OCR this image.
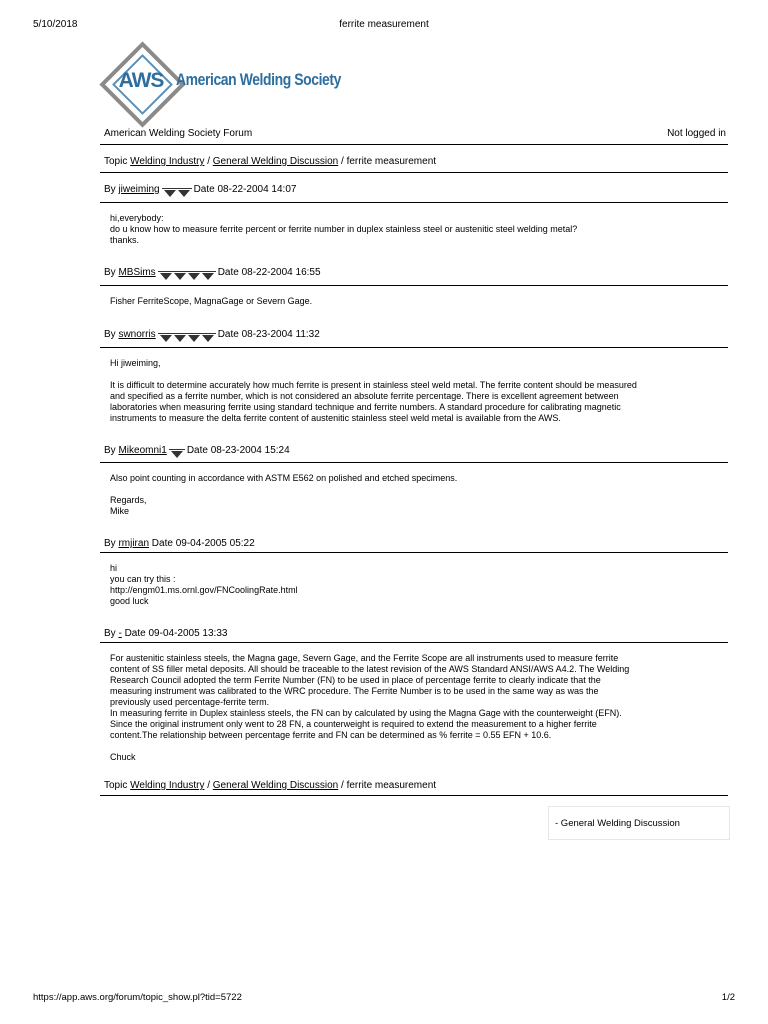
5/10/2018	ferrite measurement
AWS American Welding Society
American Welding Society Forum	Not logged in
Topic Welding Industry / General Welding Discussion / ferrite measurement
By
jiweiming	Date
08-22-2004 14:07

hi,everybody:

do u know how to measure ferrite percent or ferrite number in duplex stainless steel or austenitic steel welding metal?

thanks.

By
MBSims	Date
08-22-2004 16:55

Fisher FerriteScope, MagnaGage or Severn Gage.

By
swnorris	Date
08-23-2004 11:32

Hi jiweiming,

It is difficult to determine accurately how much ferrite is present in stainless steel weld metal. The ferrite content should be measured

and specified as a ferrite number, which is not considered an absolute ferrite percentage. There is excellent agreement between

laboratories when measuring ferrite using standard technique and ferrite numbers. A standard procedure for calibrating magnetic

instruments to measure the delta ferrite content of austenitic stainless steel weld metal is available from the AWS.

By
Mikeomni1 Date
08-23-2004 15:24

Also point counting in accordance with ASTM E562 on polished and etched specimens.

Regards,

Mike

By
rmjiran
Date
09-04-2005 05:22

hi

you can try this :

http://engm01.ms.ornl.gov/FNCoolingRate.html

good luck

By
-
Date
09-04-2005 13:33

For austenitic stainless steels, the Magna gage, Severn Gage, and the Ferrite Scope are all instruments used to measure ferrite

content of SS filler metal deposits. All should be traceable to the latest revision of the AWS Standard ANSI/AWS A4.2. The Welding

Research Council adopted the term Ferrite Number (FN) to be used in place of percentage ferrite to clearly indicate that the

measuring instrument was calibrated to the WRC procedure. The Ferrite Number is to be used in the same way as was the

previously used percentage-ferrite term.

In measuring ferrite in Duplex stainless steels, the FN can by calculated by using the Magna Gage with the counterweight (EFN).

Since the original instrument only went to 28 FN, a counterweight is required to extend the measurement to a higher ferrite

content.The relationship between percentage ferrite and FN can be determined as % ferrite = 0.55 EFN + 10.6.

Chuck

Topic Welding Industry / General Welding Discussion / ferrite measurement
- General Welding Discussion
https://app.aws.org/forum/topic_show.pl?tid=5722	1/2
